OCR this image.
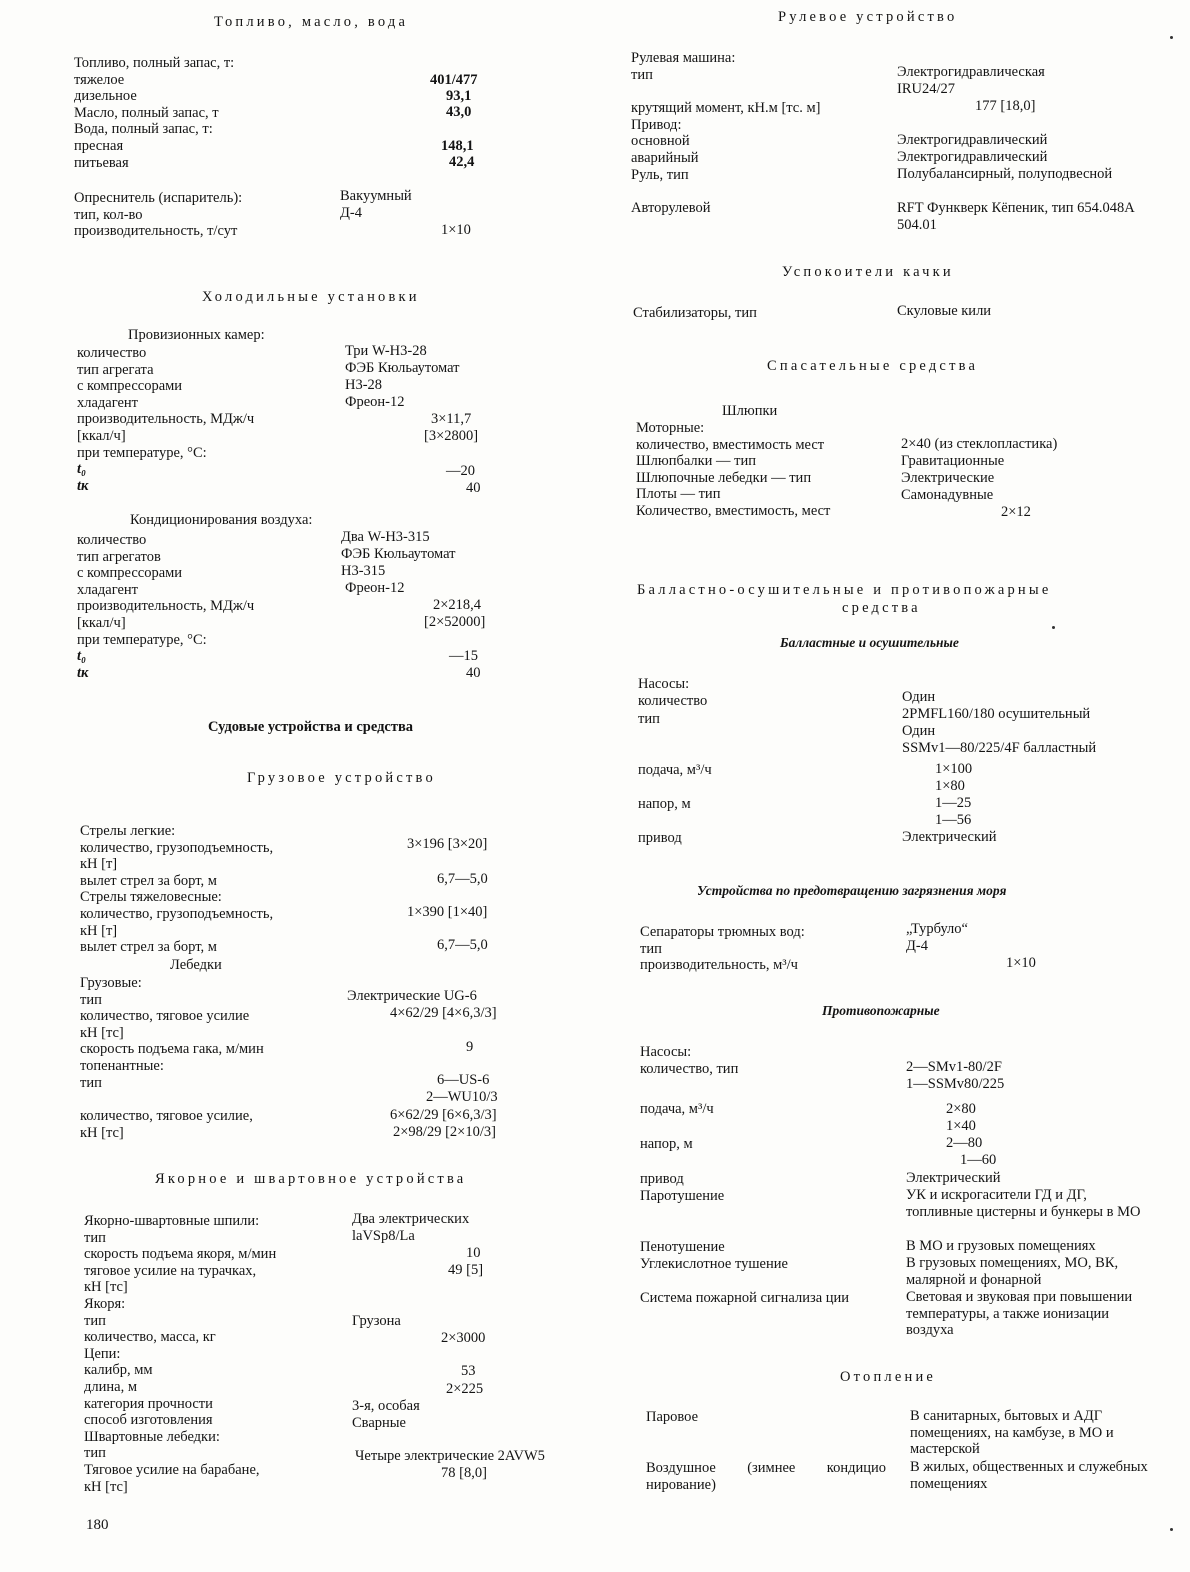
Топливо, масло, вода
Топливо, полный запас, т:
тяжелое
дизельное
Масло, полный запас, т
Вода, полный запас, т:
пресная
питьевая
401/477
93,1
43,0
148,1
42,4
Опреснитель (испаритель):
тип, кол-во
производительность, т/сут
Вакуумный
Д-4
1×10
Холодильные установки
Провизионных камер:
количество
тип агрегата
с компрессорами
хладагент
производительность, МДж/ч
[ккал/ч]
при температуре, °С:
t₀
tк
Три W-H3-28
ФЭБ Кюльаутомат
Н3-28
Фреон-12
3×11,7
[3×2800]
—20
40
Кондиционирования воздуха:
количество
тип агрегатов
с компрессорами
хладагент
производительность, МДж/ч
[ккал/ч]
при температуре, °С:
t₀
tк
Два W-H3-315
ФЭБ Кюльаутомат
Н3-315
Фреон-12
2×218,4
[2×52000]
—15
40
Судовые устройства и средства
Грузовое устройство
Стрелы легкие:
количество, грузоподъемность,
кН [т]
вылет стрел за борт, м
Стрелы тяжеловесные:
количество, грузоподъемность,
кН [т]
вылет стрел за борт, м
3×196 [3×20]
6,7—5,0
1×390 [1×40]
6,7—5,0
Лебедки
Грузовые:
тип
количество, тяговое усилие
кН [тс]
скорость подъема гака, м/мин
топенантные:
тип
количество, тяговое усилие,
кН [тс]
Электрические UG-6
4×62/29 [4×6,3/3]
9
6—US-6
2—WU10/3
6×62/29 [6×6,3/3]
2×98/29 [2×10/3]
Якорное и швартовное устройства
Якорно-швартовные шпили:
тип
скорость подъема якоря, м/мин
тяговое усилие на турачках,
кН [тс]
Якоря:
тип
количество, масса, кг
Цепи:
калибр, мм
длина, м
категория прочности
способ изготовления
Швартовные лебедки:
тип
Тяговое усилие на барабане,
кН [тс]
Два электрических
laVSp8/La
10
49 [5]
Грузона
2×3000
53
2×225
3-я, особая
Сварные
Четыре электрические 2AVW5
78 [8,0]
180
Рулевое устройство
Рулевая машина:
тип
крутящий момент, кН.м [тс. м]
Привод:
основной
аварийный
Руль, тип
Авторулевой
Электрогидравлическая
IRU24/27
177 [18,0]
Электрогидравлический
Электрогидравлический
Полубалансирный, полуподвесной
RFT Функверк Кёпеник, тип 654.048А 504.01
Успокоители качки
Стабилизаторы, тип	Скуловые кили
Спасательные средства
Шлюпки
Моторные:
количество, вместимость мест
Шлюпбалки — тип
Шлюпочные лебедки — тип
Плоты — тип
Количество, вместимость, мест
2×40 (из стеклопластика)
Гравитационные
Электрические
Самонадувные
2×12
Балластно-осушительные и противопожарные
средства
Балластные и осушительные
Насосы:
количество
тип
подача, м³/ч
напор, м
привод
Один
2PMFL160/180 осушительный
Один
SSMv1—80/225/4F балластный
1×100
1×80
1—25
1—56
Электрический
Устройства по предотвращению загрязнения моря
Сепараторы трюмных вод:
тип
производительность, м³/ч
„Турбуло“
Д-4
1×10
Противопожарные
Насосы:
количество, тип
подача, м³/ч
напор, м
привод
Паротушение
Пенотушение
Углекислотное тушение
Система пожарной сигнализа ции
2—SMv1-80/2F
1—SSMv80/225
2×80
1×40
2—80
1—60
Электрический
УК и искрогасители ГД и ДГ, топливные цистерны и бункеры в МО
В МО и грузовых помещениях
В грузовых помещениях, МО, ВК, малярной и фонарной
Световая и звуковая при повышении температуры, а также ионизации воздуха
Отопление
Паровое
Воздушное (зимнее кондицио нирование)
В санитарных, бытовых и АДГ помещениях, на камбузе, в МО и мастерской
В жилых, общественных и служебных помещениях
